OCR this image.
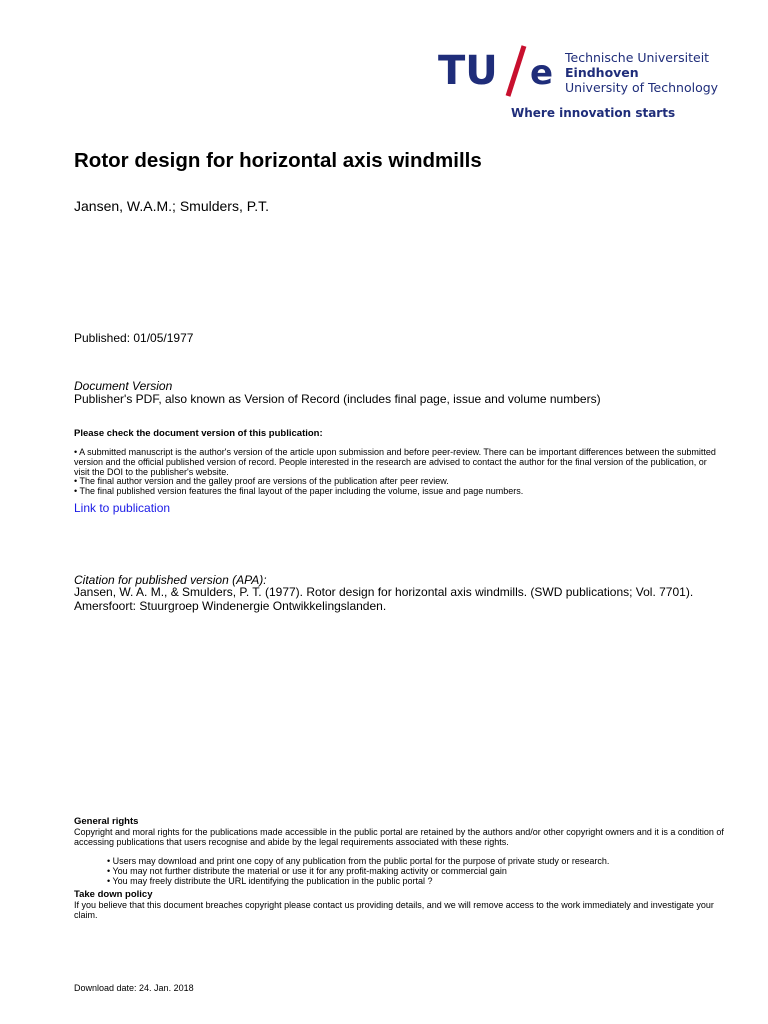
TU e Technische Universiteit
Eindhoven
University of Technology
Where innovation starts
Rotor design for horizontal axis windmills
Jansen, W.A.M.; Smulders, P.T.
Published: 01/05/1977
Document Version
Publisher's PDF, also known as Version of Record (includes final page, issue and volume numbers)
Please check the document version of this publication:
• A submitted manuscript is the author's version of the article upon submission and before peer-review. There can be important differences between the submitted version and the official published version of record. People interested in the research are advised to contact the author for the final version of the publication, or visit the DOI to the publisher's website.
• The final author version and the galley proof are versions of the publication after peer review.
• The final published version features the final layout of the paper including the volume, issue and page numbers.
Link to publication
Citation for published version (APA):
Jansen, W. A. M., & Smulders, P. T. (1977). Rotor design for horizontal axis windmills. (SWD publications; Vol. 7701). Amersfoort: Stuurgroep Windenergie Ontwikkelingslanden.
General rights
Copyright and moral rights for the publications made accessible in the public portal are retained by the authors and/or other copyright owners and it is a condition of accessing publications that users recognise and abide by the legal requirements associated with these rights.
• Users may download and print one copy of any publication from the public portal for the purpose of private study or research.
• You may not further distribute the material or use it for any profit-making activity or commercial gain
• You may freely distribute the URL identifying the publication in the public portal ?
Take down policy
If you believe that this document breaches copyright please contact us providing details, and we will remove access to the work immediately and investigate your claim.
Download date: 24. Jan. 2018
